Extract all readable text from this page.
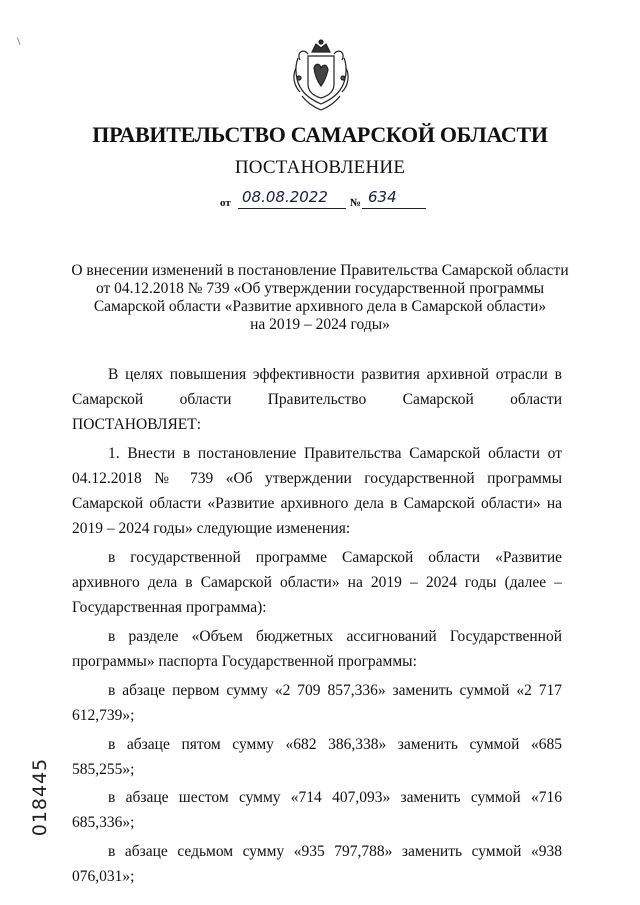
\
ПРАВИТЕЛЬСТВО САМАРСКОЙ ОБЛАСТИ
ПОСТАНОВЛЕНИЕ
от 08.08.2022 № 634
О внесении изменений в постановление Правительства Самарской области
от 04.12.2018 № 739 «Об утверждении государственной программы
Самарской области «Развитие архивного дела в Самарской области»
на 2019 – 2024 годы»

В целях повышения эффективности развития архивной отрасли в Самарской области Правительство Самарской области ПОСТАНОВЛЯЕТ:

1. Внести в постановление Правительства Самарской области от 04.12.2018 № 739 «Об утверждении государственной программы Самарской области «Развитие архивного дела в Самарской области» на 2019 – 2024 годы» следующие изменения:

в государственной программе Самарской области «Развитие архивного дела в Самарской области» на 2019 – 2024 годы (далее – Государственная программа):

в разделе «Объем бюджетных ассигнований Государственной программы» паспорта Государственной программы:

в абзаце первом сумму «2 709 857,336» заменить суммой «2 717 612,739»;

в абзаце пятом сумму «682 386,338» заменить суммой «685 585,255»;

в абзаце шестом сумму «714 407,093» заменить суммой «716 685,336»;

в абзаце седьмом сумму «935 797,788» заменить суммой «938 076,031»;

018445
